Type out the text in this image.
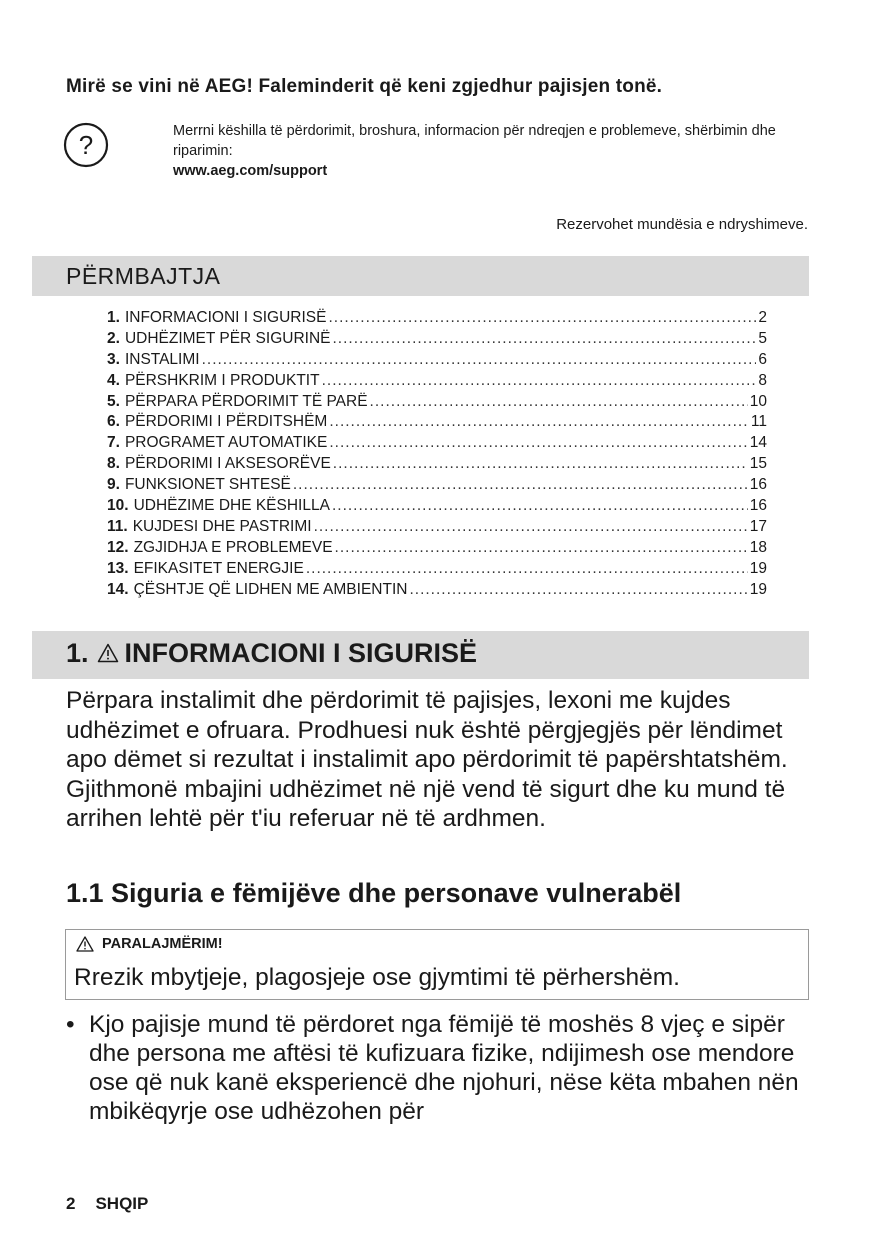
Mirë se vini në AEG! Faleminderit që keni zgjedhur pajisjen tonë.
?	Merrni këshilla të përdorimit, broshura, informacion për ndreqjen e problemeve, shërbimin dhe riparimin:
www.aeg.com/support
Rezervohet mundësia e ndryshimeve.
PËRMBAJTJA
1. INFORMACIONI I SIGURISË .....	2
2. UDHËZIMET PËR SIGURINË .....	5
3. INSTALIMI .....	6
4. PËRSHKRIM I PRODUKTIT .....	8
5. PËRPARA PËRDORIMIT TË PARË .....	10
6. PËRDORIMI I PËRDITSHËM .....	11
7. PROGRAMET AUTOMATIKE .....	14
8. PËRDORIMI I AKSESORËVE .....	15
9. FUNKSIONET SHTESË .....	16
10. UDHËZIME DHE KËSHILLA .....	16
11. KUJDESI DHE PASTRIMI .....	17
12. ZGJIDHJA E PROBLEMEVE .....	18
13. EFIKASITET ENERGJIE .....	19
14. ÇËSHTJE QË LIDHEN ME AMBIENTIN .....	19
1. INFORMACIONI I SIGURISË
Përpara instalimit dhe përdorimit të pajisjes, lexoni me kujdes udhëzimet e ofruara. Prodhuesi nuk është përgjegjës për lëndimet apo dëmet si rezultat i instalimit apo përdorimit të papërshtatshëm. Gjithmonë mbajini udhëzimet në një vend të sigurt dhe ku mund të arrihen lehtë për t'iu referuar në të ardhmen.
1.1 Siguria e fëmijëve dhe personave vulnerabël
PARALAJMËRIM!
Rrezik mbytjeje, plagosjeje ose gjymtimi të përhershëm.
• Kjo pajisje mund të përdoret nga fëmijë të moshës 8 vjeç e sipër dhe persona me aftësi të kufizuara fizike, ndijimesh ose mendore ose që nuk kanë eksperiencë dhe njohuri, nëse këta mbahen nën mbikëqyrje ose udhëzohen për
2 SHQIP
